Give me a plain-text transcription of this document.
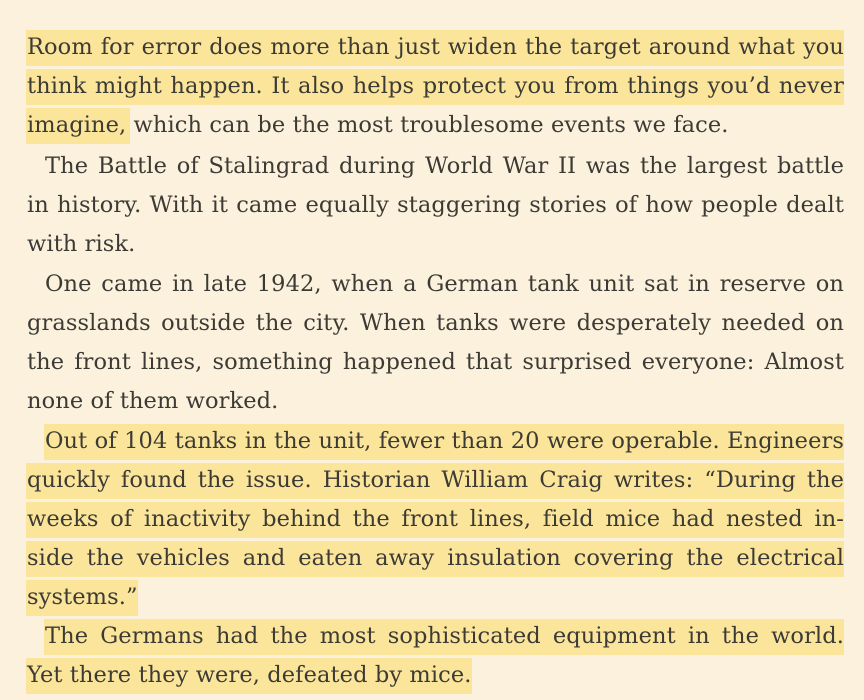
Room for error does more than just widen the target around what you
think might happen. It also helps protect you from things you’d never
imagine, which can be the most troublesome events we face.
The Battle of Stalingrad during World War II was the largest battle
in history. With it came equally staggering stories of how people dealt
with risk.
One came in late 1942, when a German tank unit sat in reserve on
grasslands outside the city. When tanks were desperately needed on
the front lines, something happened that surprised everyone: Almost
none of them worked.
Out of 104 tanks in the unit, fewer than 20 were operable. Engineers
quickly found the issue. Historian William Craig writes: “During the
weeks of inactivity behind the front lines, field mice had nested in-
side the vehicles and eaten away insulation covering the electrical
systems.”
The Germans had the most sophisticated equipment in the world.
Yet there they were, defeated by mice.
